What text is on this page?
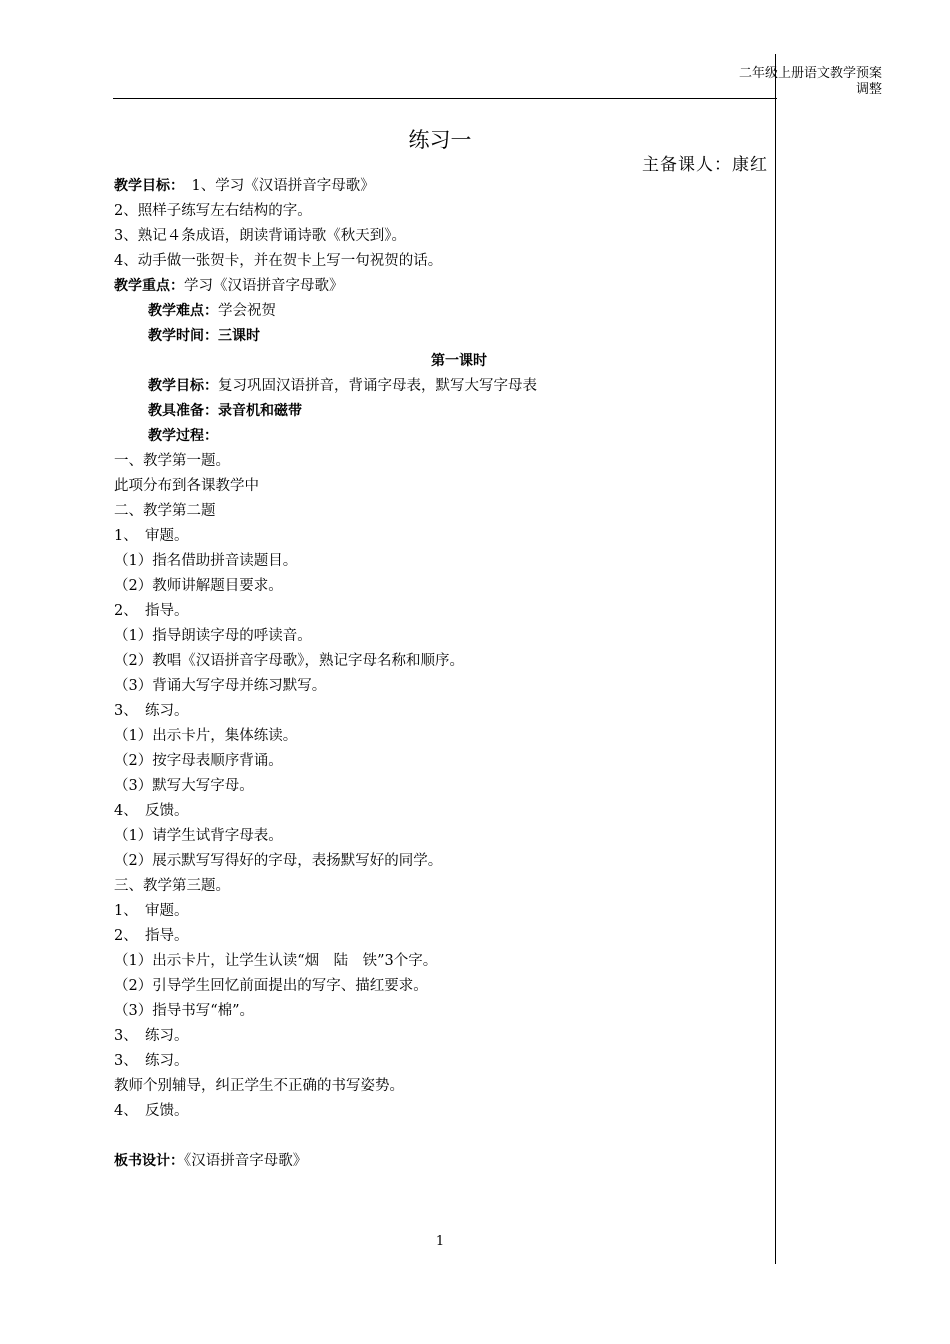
二年级上册语文教学预案
调整
练习一
主备课人：康红
教学目标：　1、学习《汉语拼音字母歌》
2、照样子练写左右结构的字。
3、熟记４条成语，朗读背诵诗歌《秋天到》。
4、动手做一张贺卡，并在贺卡上写一句祝贺的话。
教学重点：学习《汉语拼音字母歌》
教学难点：学会祝贺
教学时间：三课时
第一课时
教学目标：复习巩固汉语拼音，背诵字母表，默写大写字母表
教具准备：录音机和磁带
教学过程：
一、教学第一题。
此项分布到各课教学中
二、教学第二题
1、　审题。
（1）指名借助拼音读题目。
（2）教师讲解题目要求。
2、　指导。
（1）指导朗读字母的呼读音。
（2）教唱《汉语拼音字母歌》，熟记字母名称和顺序。
（3）背诵大写字母并练习默写。
3、　练习。
（1）出示卡片，集体练读。
（2）按字母表顺序背诵。
（3）默写大写字母。
4、　反馈。
（1）请学生试背字母表。
（2）展示默写写得好的字母，表扬默写好的同学。
三、教学第三题。
1、　审题。
2、　指导。
（1）出示卡片，让学生认读“烟　陆　铁”3个字。
（2）引导学生回忆前面提出的写字、描红要求。
（3）指导书写“棉”。
3、　练习。
3、　练习。
教师个别辅导，纠正学生不正确的书写姿势。
4、　反馈。
板书设计：《汉语拼音字母歌》
1
